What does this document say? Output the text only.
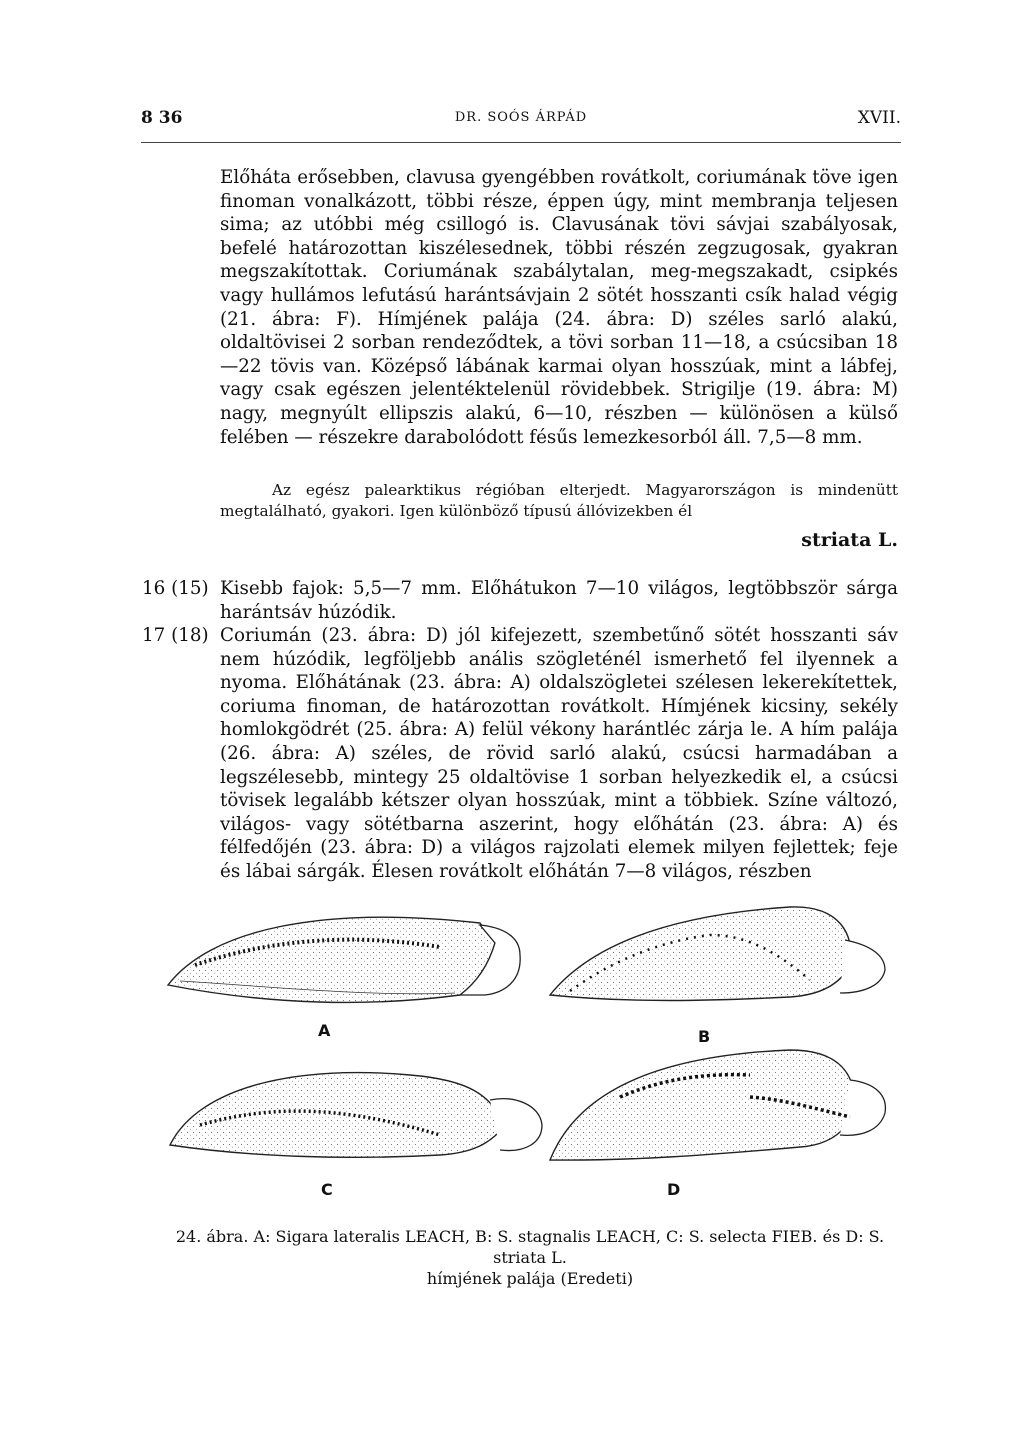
8 36	DR. SOÓS ÁRPÁD	XVII.

Előháta erősebben, clavusa gyengébben rovátkolt, coriumának töve igen finoman vonalkázott, többi része, éppen úgy, mint membranja teljesen sima; az utóbbi még csillogó is. Clavusának tövi sávjai szabályosak, befelé határozottan kiszélesednek, többi részén zegzugosak, gyakran megszakítottak. Coriumának szabálytalan, meg-megszakadt, csipkés vagy hullámos lefutású harántsávjain 2 sötét hosszanti csík halad végig (21. ábra: F). Hímjének palája (24. ábra: D) széles sarló alakú, oldaltövisei 2 sorban rendeződtek, a tövi sorban 11—18, a csúcsiban 18—22 tövis van. Középső lábának karmai olyan hosszúak, mint a lábfej, vagy csak egészen jelentéktelenül rövidebbek. Strigilje (19. ábra: M) nagy, megnyúlt ellipszis alakú, 6—10, részben — különösen a külső felében — részekre darabolódott fésűs lemezkesorból áll. 7,5—8 mm.

Az egész palearktikus régióban elterjedt. Magyarországon is mindenütt megtalálható, gyakori. Igen különböző típusú állóvizekben él

striata L.
16 (15) Kisebb fajok: 5,5—7 mm. Előhátukon 7—10 világos, legtöbbször sárga harántsáv húzódik.

17 (18) Coriumán (23. ábra: D) jól kifejezett, szembetűnő sötét hosszanti sáv nem húzódik, legföljebb anális szögleténél ismerhető fel ilyennek a nyoma. Előhátának (23. ábra: A) oldalszögletei szélesen lekerekítettek, coriuma finoman, de határozottan rovátkolt. Hímjének kicsiny, sekély homlokgödrét (25. ábra: A) felül vékony harántléc zárja le. A hím palája (26. ábra: A) széles, de rövid sarló alakú, csúcsi harmadában a legszélesebb, mintegy 25 oldaltövise 1 sorban helyezkedik el, a csúcsi tövisek legalább kétszer olyan hosszúak, mint a többiek. Színe változó, világos- vagy sötétbarna aszerint, hogy előhátán (23. ábra: A) és félfedőjén (23. ábra: D) a világos rajzolati elemek milyen fejlettek; feje és lábai sárgák. Élesen rovátkolt előhátán 7—8 világos, részben

A	B
C	D

24. ábra. A: Sigara lateralis LEACH, B: S. stagnalis LEACH, C: S. selecta FIEB. és D: S. striata L.
hímjének palája (Eredeti)
